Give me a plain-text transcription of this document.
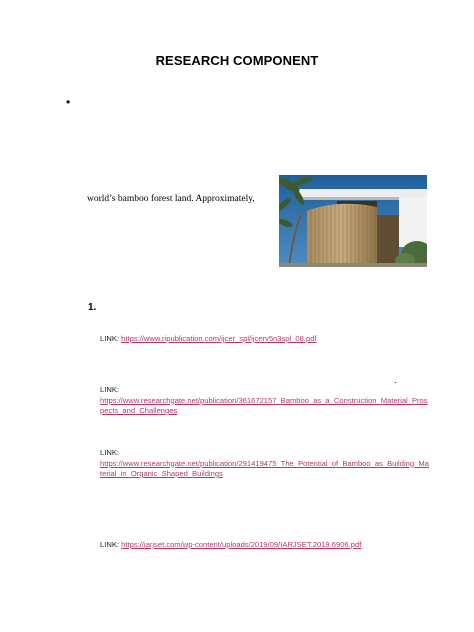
RESEARCH COMPONENT
•
world’s bamboo forest land. Approximately,
1.
LINK: https://www.ripublication.com/ijcer_spl/ijcerv5n3spl_08.pdf
.
LINK:
https://www.researchgate.net/publication/361672157_Bamboo_as_a_Construction_Material_Prospects_and_Challenges
LINK:
https://www.researchgate.net/publication/291419475_The_Potential_of_Bamboo_as_Building_Material_in_Organic_Shaped_Buildings
LINK: https://iarjset.com/wp-content/uploads/2019/09/IARJSET.2019.6906.pdf
